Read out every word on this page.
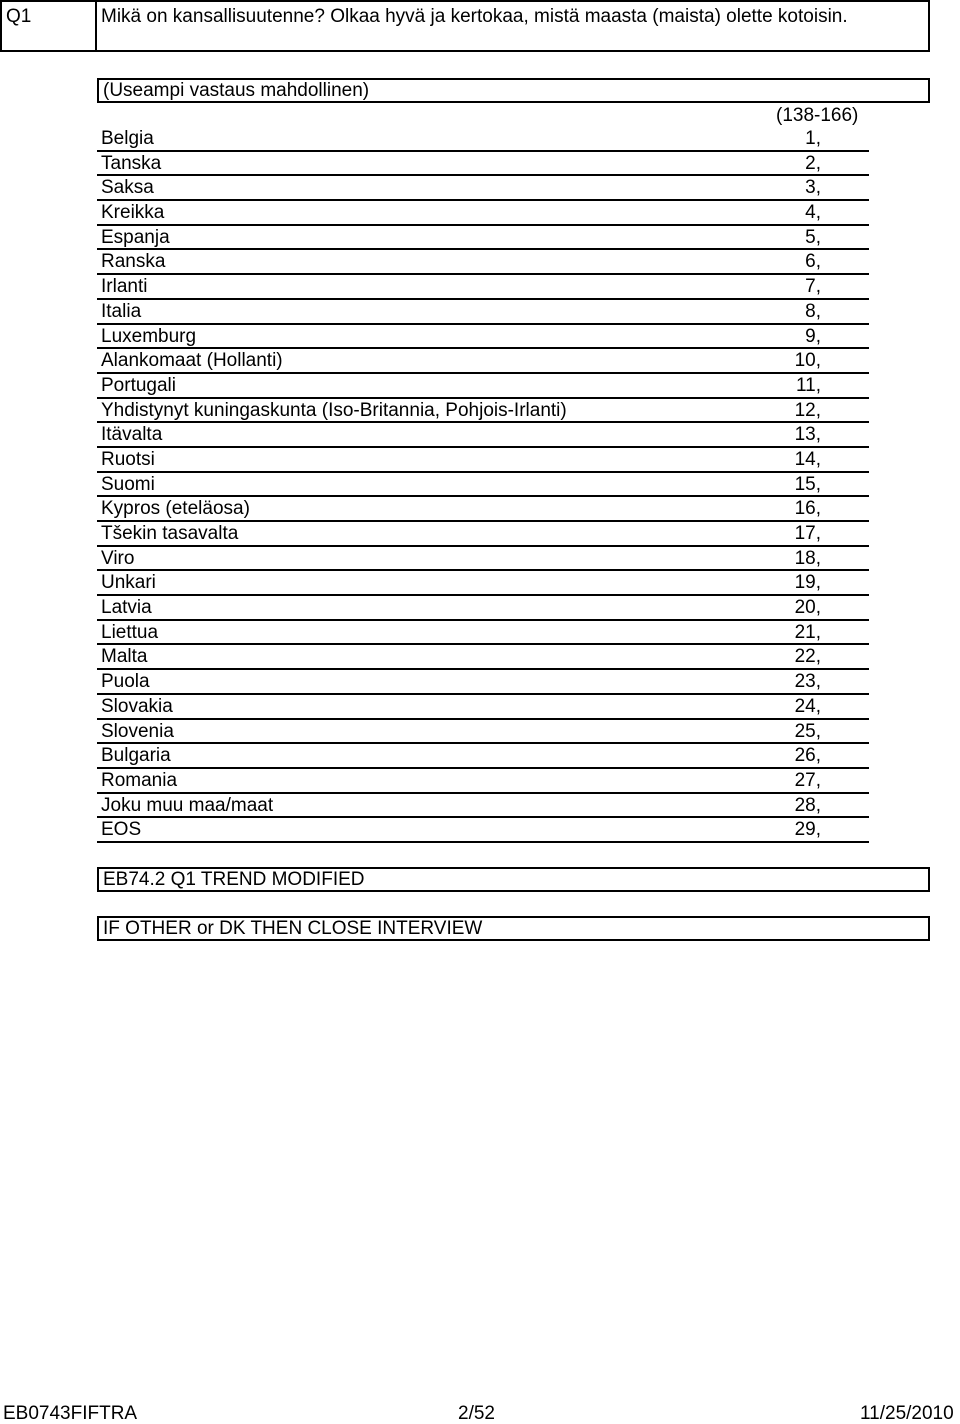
Q1	Mikä on kansallisuutenne? Olkaa hyvä ja kertokaa, mistä maasta (maista) olette kotoisin.
(Useampi vastaus mahdollinen)
(138-166)
Belgia	1,
Tanska	2,
Saksa	3,
Kreikka	4,
Espanja	5,
Ranska	6,
Irlanti	7,
Italia	8,
Luxemburg	9,
Alankomaat (Hollanti)	10,
Portugali	11,
Yhdistynyt kuningaskunta (Iso-Britannia, Pohjois-Irlanti)	12,
Itävalta	13,
Ruotsi	14,
Suomi	15,
Kypros (eteläosa)	16,
Tšekin tasavalta	17,
Viro	18,
Unkari	19,
Latvia	20,
Liettua	21,
Malta	22,
Puola	23,
Slovakia	24,
Slovenia	25,
Bulgaria	26,
Romania	27,
Joku muu maa/maat	28,
EOS	29,
EB74.2 Q1 TREND MODIFIED
IF OTHER or DK THEN CLOSE INTERVIEW
EB0743FIFTRA	2/52	11/25/2010
